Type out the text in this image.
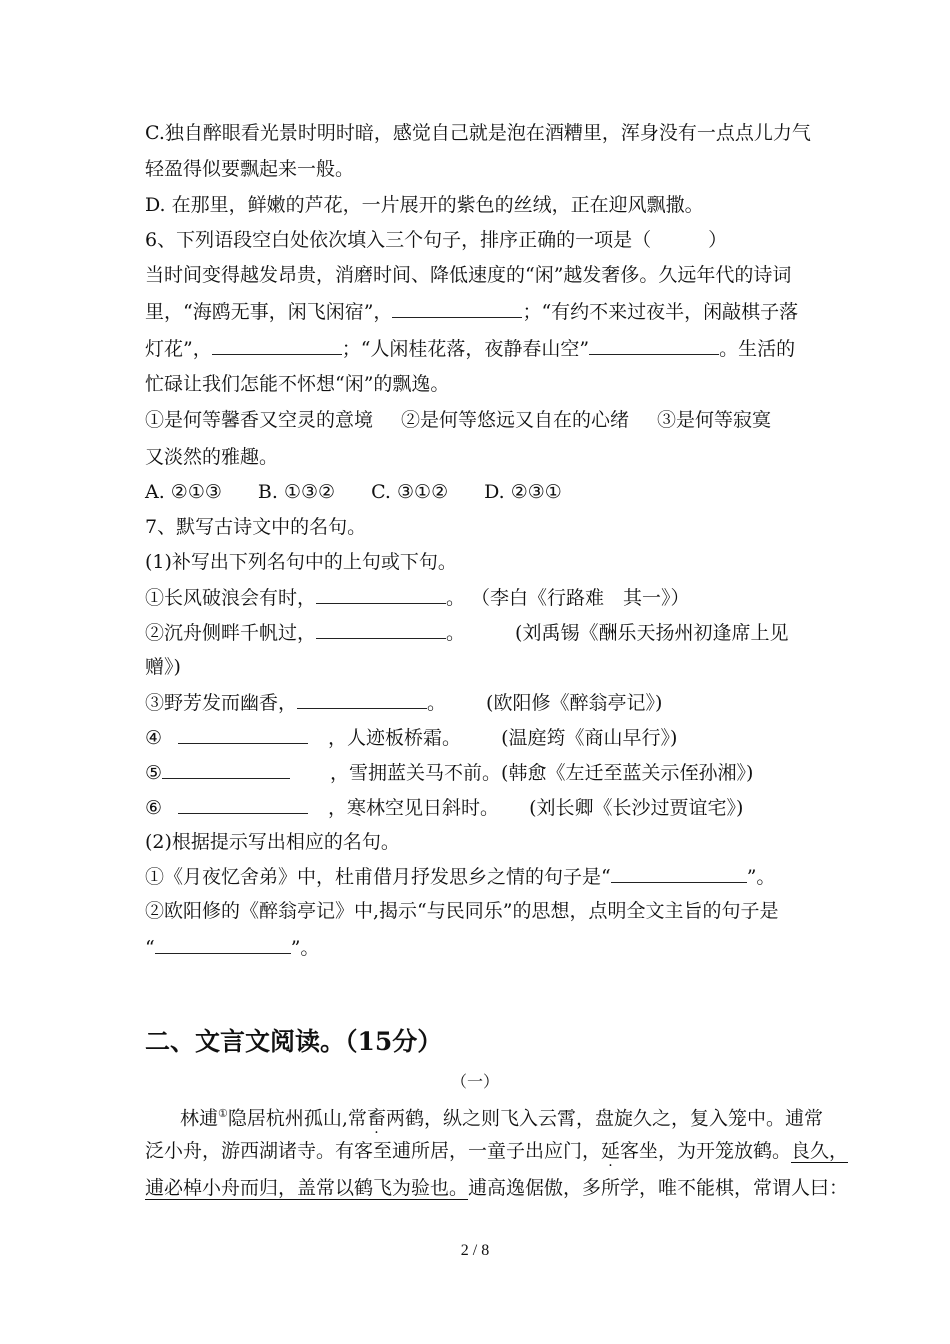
C.独自醉眼看光景时明时暗，感觉自己就是泡在酒糟里，浑身没有一点点儿力气
轻盈得似要飘起来一般。
D. 在那里，鲜嫩的芦花，一片展开的紫色的丝绒，正在迎风飘撒。
6、下列语段空白处依次填入三个句子，排序正确的一项是（　　　）
当时间变得越发昂贵，消磨时间、降低速度的“闲”越发奢侈。久远年代的诗词
里，“海鸥无事，闲飞闲宿”，	；“有约不来过夜半，闲敲棋子落
灯花”，	；“人闲桂花落，夜静春山空”	。生活的
忙碌让我们怎能不怀想“闲”的飘逸。
①是何等馨香又空灵的意境 ②是何等悠远又自在的心绪 ③是何等寂寞
又淡然的雅趣。
A. ②①③ B. ①③② C. ③①② D. ②③①
7、默写古诗文中的名句。
(1)补写出下列名句中的上句或下句。
①长风破浪会有时，	。 （李白《行路难　其一》）
②沉舟侧畔千帆过，	。	(刘禹锡《酬乐天扬州初逢席上见
赠》)
③野芳发而幽香，	。 (欧阳修《醉翁亭记》)
④	，人迹板桥霜。 (温庭筠《商山早行》)
⑤	，雪拥蓝关马不前。(韩愈《左迁至蓝关示侄孙湘》)
⑥	，寒林空见日斜时。 (刘长卿《长沙过贾谊宅》)
(2)根据提示写出相应的名句。
①《月夜忆舍弟》中，杜甫借月抒发思乡之情的句子是“	”。
②欧阳修的《醉翁亭记》中,揭示“与民同乐”的思想，点明全文主旨的句子是
“	”。
二、文言文阅读。（15分）
（一）
林逋①隐居杭州孤山,常畜两鹤，纵之则飞入云霄，盘旋久之，复入笼中。逋常
泛小舟，游西湖诸寺。有客至逋所居，一童子出应门，延客坐，为开笼放鹤。良久，
逋必棹小舟而归，盖常以鹤飞为验也。逋高逸倨傲，多所学，唯不能棋，常谓人曰：
2 / 8
